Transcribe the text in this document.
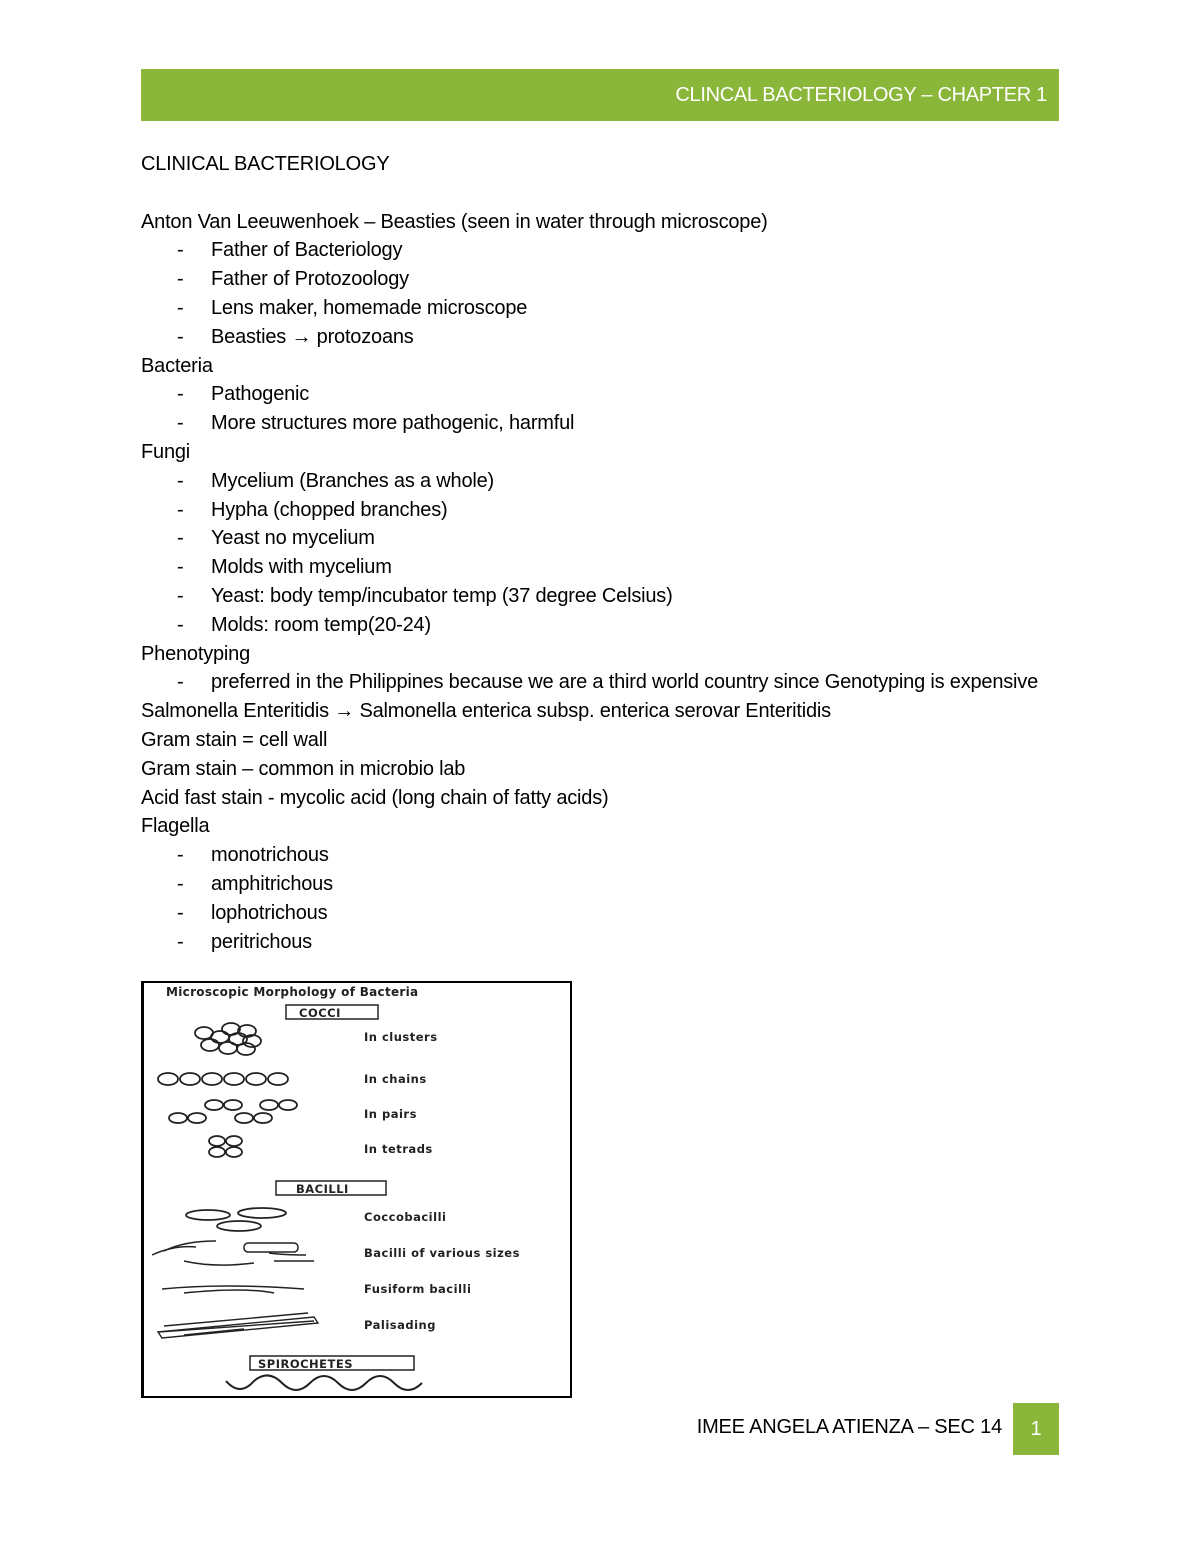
CLINCAL BACTERIOLOGY – CHAPTER 1
CLINICAL BACTERIOLOGY
Anton Van Leeuwenhoek – Beasties (seen in water through microscope)
- Father of Bacteriology
- Father of Protozoology
- Lens maker, homemade microscope
- Beasties → protozoans
Bacteria
- Pathogenic
- More structures more pathogenic, harmful
Fungi
- Mycelium (Branches as a whole)
- Hypha (chopped branches)
- Yeast no mycelium
- Molds with mycelium
- Yeast: body temp/incubator temp (37 degree Celsius)
- Molds: room temp(20-24)
Phenotyping
- preferred in the Philippines because we are a third world country since Genotyping is expensive
Salmonella Enteritidis → Salmonella enterica subsp. enterica serovar Enteritidis
Gram stain = cell wall
Gram stain – common in microbio lab
Acid fast stain - mycolic acid (long chain of fatty acids)
Flagella
- monotrichous
- amphitrichous
- lophotrichous
- peritrichous
Microscopic Morphology of Bacteria
COCCI
In clusters
In chains
In pairs
In tetrads
BACILLI
Coccobacilli
Bacilli of various sizes
Fusiform bacilli
Palisading
SPIROCHETES
IMEE ANGELA ATIENZA – SEC 14	1
